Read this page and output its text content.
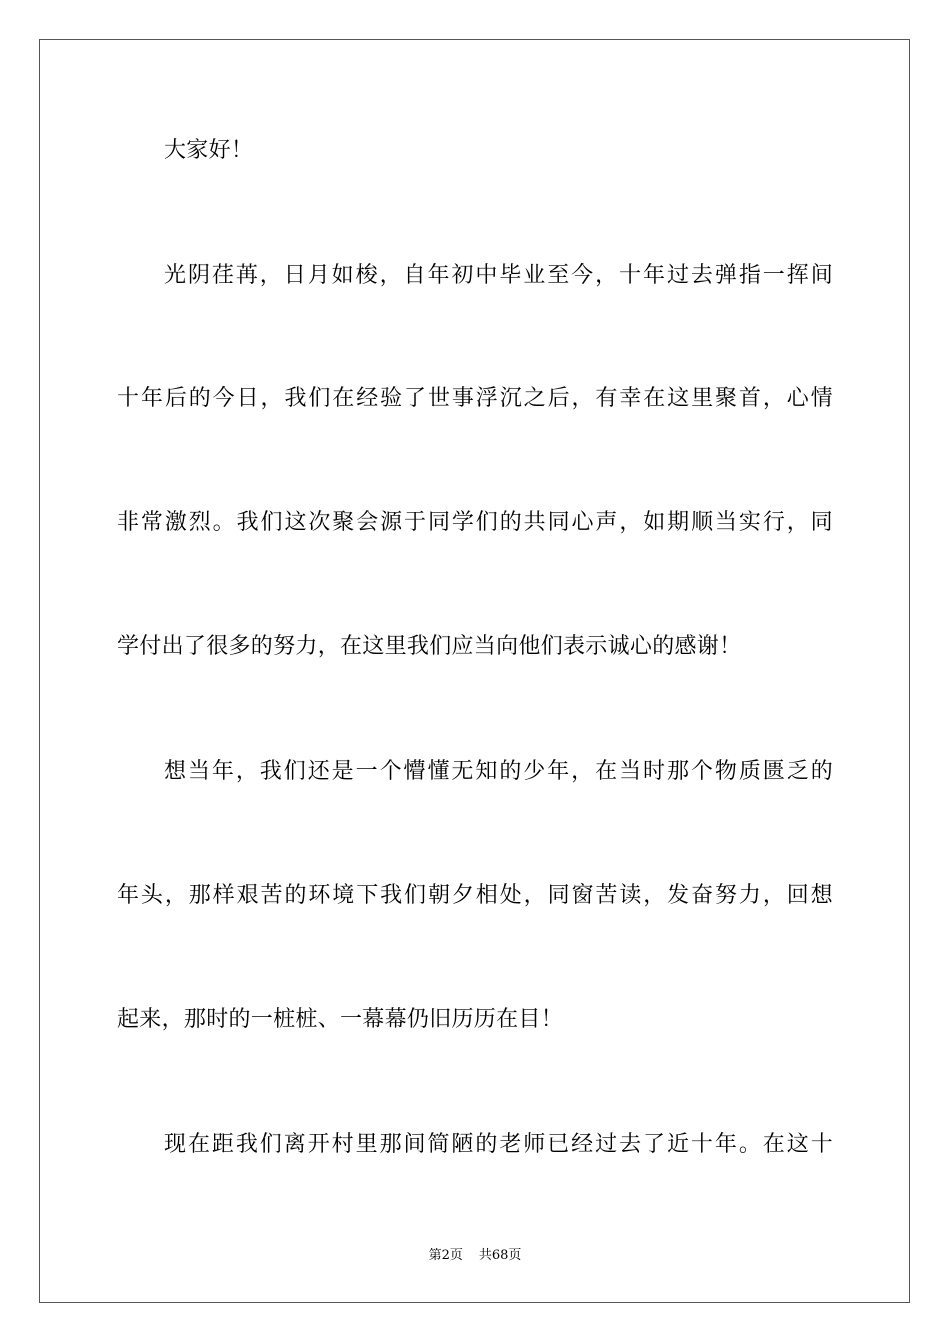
大家好！
光阴荏苒，日月如梭，自年初中毕业至今，十年过去弹指一挥间
十年后的今日，我们在经验了世事浮沉之后，有幸在这里聚首，心情
非常激烈。我们这次聚会源于同学们的共同心声，如期顺当实行，同
学付出了很多的努力，在这里我们应当向他们表示诚心的感谢！
想当年，我们还是一个懵懂无知的少年，在当时那个物质匮乏的
年头，那样艰苦的环境下我们朝夕相处，同窗苦读，发奋努力，回想
起来，那时的一桩桩、一幕幕仍旧历历在目！
现在距我们离开村里那间简陋的老师已经过去了近十年。在这十
第2页 共68页
